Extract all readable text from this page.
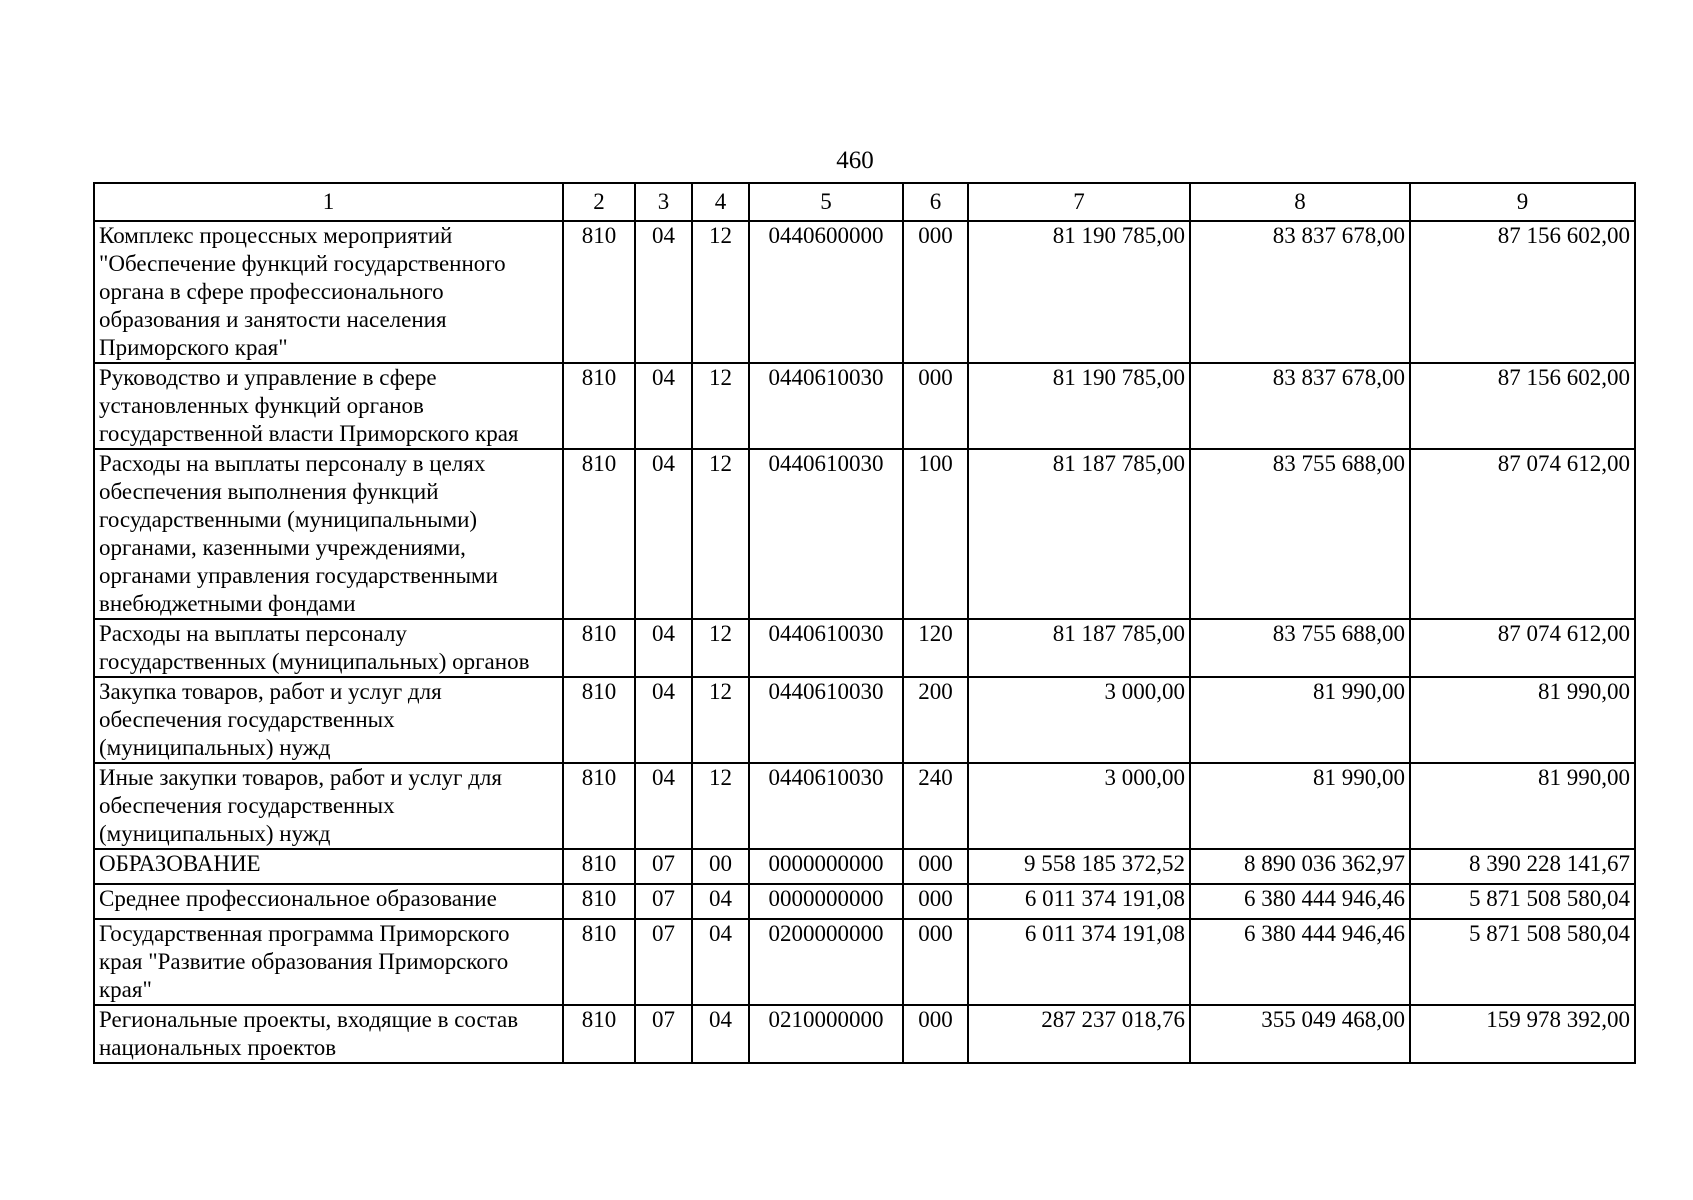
460
1	2	3	4	5	6	7	8	9
Комплекс процессных мероприятий "Обеспечение функций государственного органа в сфере профессионального образования и занятости населения Приморского края"	810	04	12	0440600000	000	81 190 785,00	83 837 678,00	87 156 602,00
Руководство и управление в сфере установленных функций органов государственной власти Приморского края	810	04	12	0440610030	000	81 190 785,00	83 837 678,00	87 156 602,00
Расходы на выплаты персоналу в целях обеспечения выполнения функций государственными (муниципальными) органами, казенными учреждениями, органами управления государственными внебюджетными фондами	810	04	12	0440610030	100	81 187 785,00	83 755 688,00	87 074 612,00
Расходы на выплаты персоналу государственных (муниципальных) органов	810	04	12	0440610030	120	81 187 785,00	83 755 688,00	87 074 612,00
Закупка товаров, работ и услуг для обеспечения государственных (муниципальных) нужд	810	04	12	0440610030	200	3 000,00	81 990,00	81 990,00
Иные закупки товаров, работ и услуг для обеспечения государственных (муниципальных) нужд	810	04	12	0440610030	240	3 000,00	81 990,00	81 990,00
ОБРАЗОВАНИЕ	810	07	00	0000000000	000	9 558 185 372,52	8 890 036 362,97	8 390 228 141,67
Среднее профессиональное образование	810	07	04	0000000000	000	6 011 374 191,08	6 380 444 946,46	5 871 508 580,04
Государственная программа Приморского края "Развитие образования Приморского края"	810	07	04	0200000000	000	6 011 374 191,08	6 380 444 946,46	5 871 508 580,04
Региональные проекты, входящие в состав национальных проектов	810	07	04	0210000000	000	287 237 018,76	355 049 468,00	159 978 392,00
